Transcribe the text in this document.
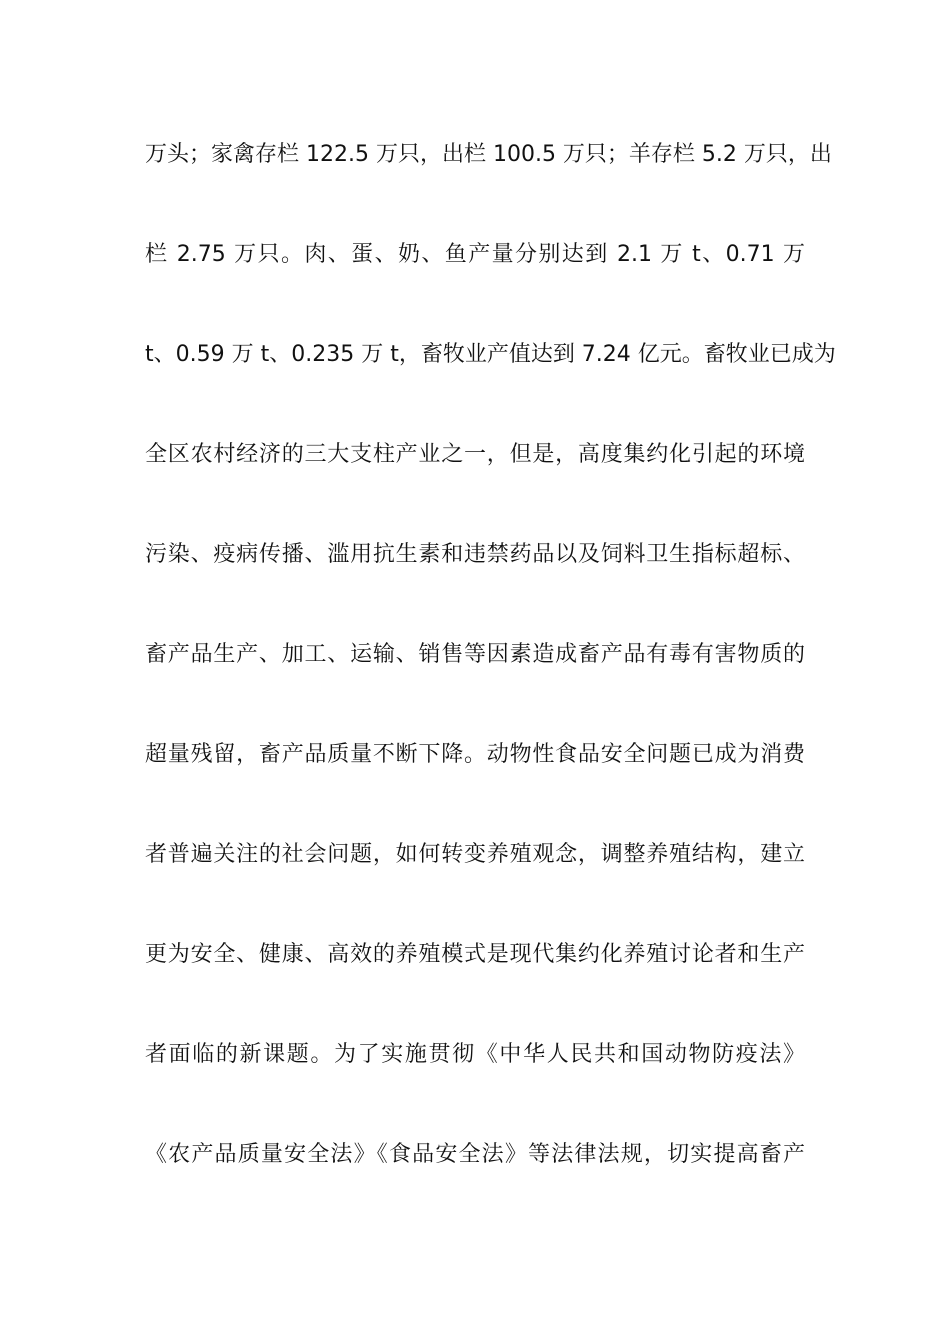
万头；家禽存栏 122.5 万只，出栏 100.5 万只；羊存栏 5.2 万只，出
栏 2.75 万只。肉、蛋、奶、鱼产量分别达到 2.1 万 t、0.71 万
t、0.59 万 t、0.235 万 t，畜牧业产值达到 7.24 亿元。畜牧业已成为
全区农村经济的三大支柱产业之一，但是，高度集约化引起的环境
污染、疫病传播、滥用抗生素和违禁药品以及饲料卫生指标超标、
畜产品生产、加工、运输、销售等因素造成畜产品有毒有害物质的
超量残留，畜产品质量不断下降。动物性食品安全问题已成为消费
者普遍关注的社会问题，如何转变养殖观念，调整养殖结构，建立
更为安全、健康、高效的养殖模式是现代集约化养殖讨论者和生产
者面临的新课题。为了实施贯彻《中华人民共和国动物防疫法》
《农产品质量安全法》《食品安全法》等法律法规，切实提高畜产
